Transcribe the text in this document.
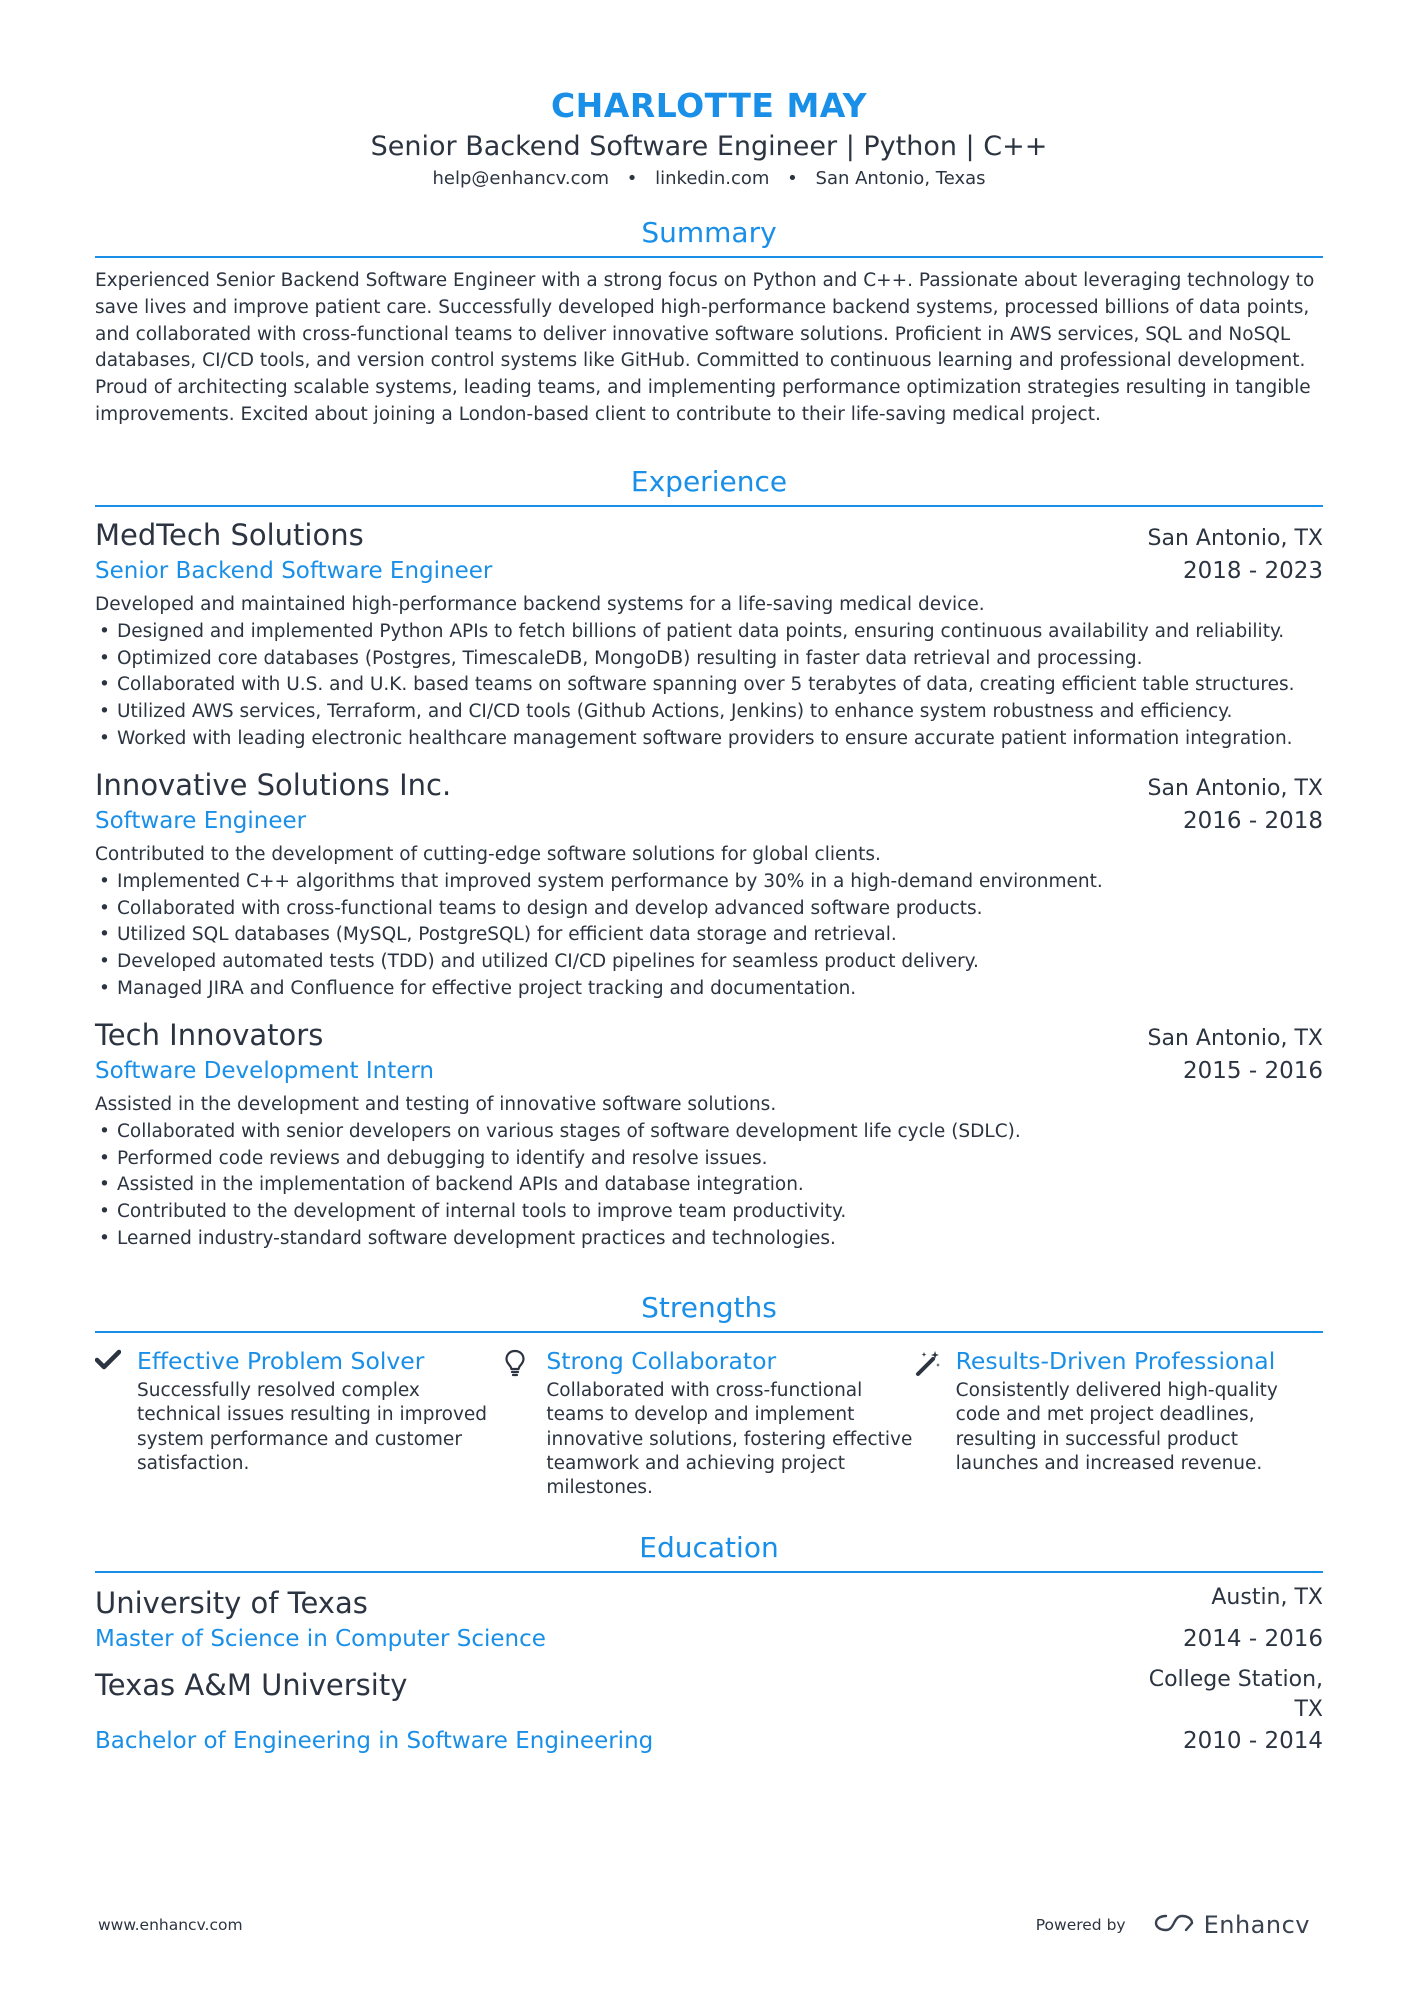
CHARLOTTE MAY
Senior Backend Software Engineer | Python | C++
help@enhancv.com • linkedin.com • San Antonio, Texas
Summary
Experienced Senior Backend Software Engineer with a strong focus on Python and C++. Passionate about leveraging technology to save lives and improve patient care. Successfully developed high-performance backend systems, processed billions of data points, and collaborated with cross-functional teams to deliver innovative software solutions. Proficient in AWS services, SQL and NoSQL databases, CI/CD tools, and version control systems like GitHub. Committed to continuous learning and professional development. Proud of architecting scalable systems, leading teams, and implementing performance optimization strategies resulting in tangible improvements. Excited about joining a London-based client to contribute to their life-saving medical project.
Experience
MedTech Solutions	San Antonio, TX
Senior Backend Software Engineer	2018 - 2023
Developed and maintained high-performance backend systems for a life-saving medical device.
• Designed and implemented Python APIs to fetch billions of patient data points, ensuring continuous availability and reliability.
• Optimized core databases (Postgres, TimescaleDB, MongoDB) resulting in faster data retrieval and processing.
• Collaborated with U.S. and U.K. based teams on software spanning over 5 terabytes of data, creating efficient table structures.
• Utilized AWS services, Terraform, and CI/CD tools (Github Actions, Jenkins) to enhance system robustness and efficiency.
• Worked with leading electronic healthcare management software providers to ensure accurate patient information integration.
Innovative Solutions Inc.	San Antonio, TX
Software Engineer	2016 - 2018
Contributed to the development of cutting-edge software solutions for global clients.
• Implemented C++ algorithms that improved system performance by 30% in a high-demand environment.
• Collaborated with cross-functional teams to design and develop advanced software products.
• Utilized SQL databases (MySQL, PostgreSQL) for efficient data storage and retrieval.
• Developed automated tests (TDD) and utilized CI/CD pipelines for seamless product delivery.
• Managed JIRA and Confluence for effective project tracking and documentation.
Tech Innovators	San Antonio, TX
Software Development Intern	2015 - 2016
Assisted in the development and testing of innovative software solutions.
• Collaborated with senior developers on various stages of software development life cycle (SDLC).
• Performed code reviews and debugging to identify and resolve issues.
• Assisted in the implementation of backend APIs and database integration.
• Contributed to the development of internal tools to improve team productivity.
• Learned industry-standard software development practices and technologies.
Strengths
Effective Problem Solver
Successfully resolved complex technical issues resulting in improved system performance and customer satisfaction.
Strong Collaborator
Collaborated with cross-functional teams to develop and implement innovative solutions, fostering effective teamwork and achieving project milestones.
Results-Driven Professional
Consistently delivered high-quality code and met project deadlines, resulting in successful product launches and increased revenue.
Education
University of Texas	Austin, TX
Master of Science in Computer Science	2014 - 2016
Texas A&M University	College Station, TX
Bachelor of Engineering in Software Engineering	2010 - 2014
www.enhancv.com	Powered by	Enhancv
